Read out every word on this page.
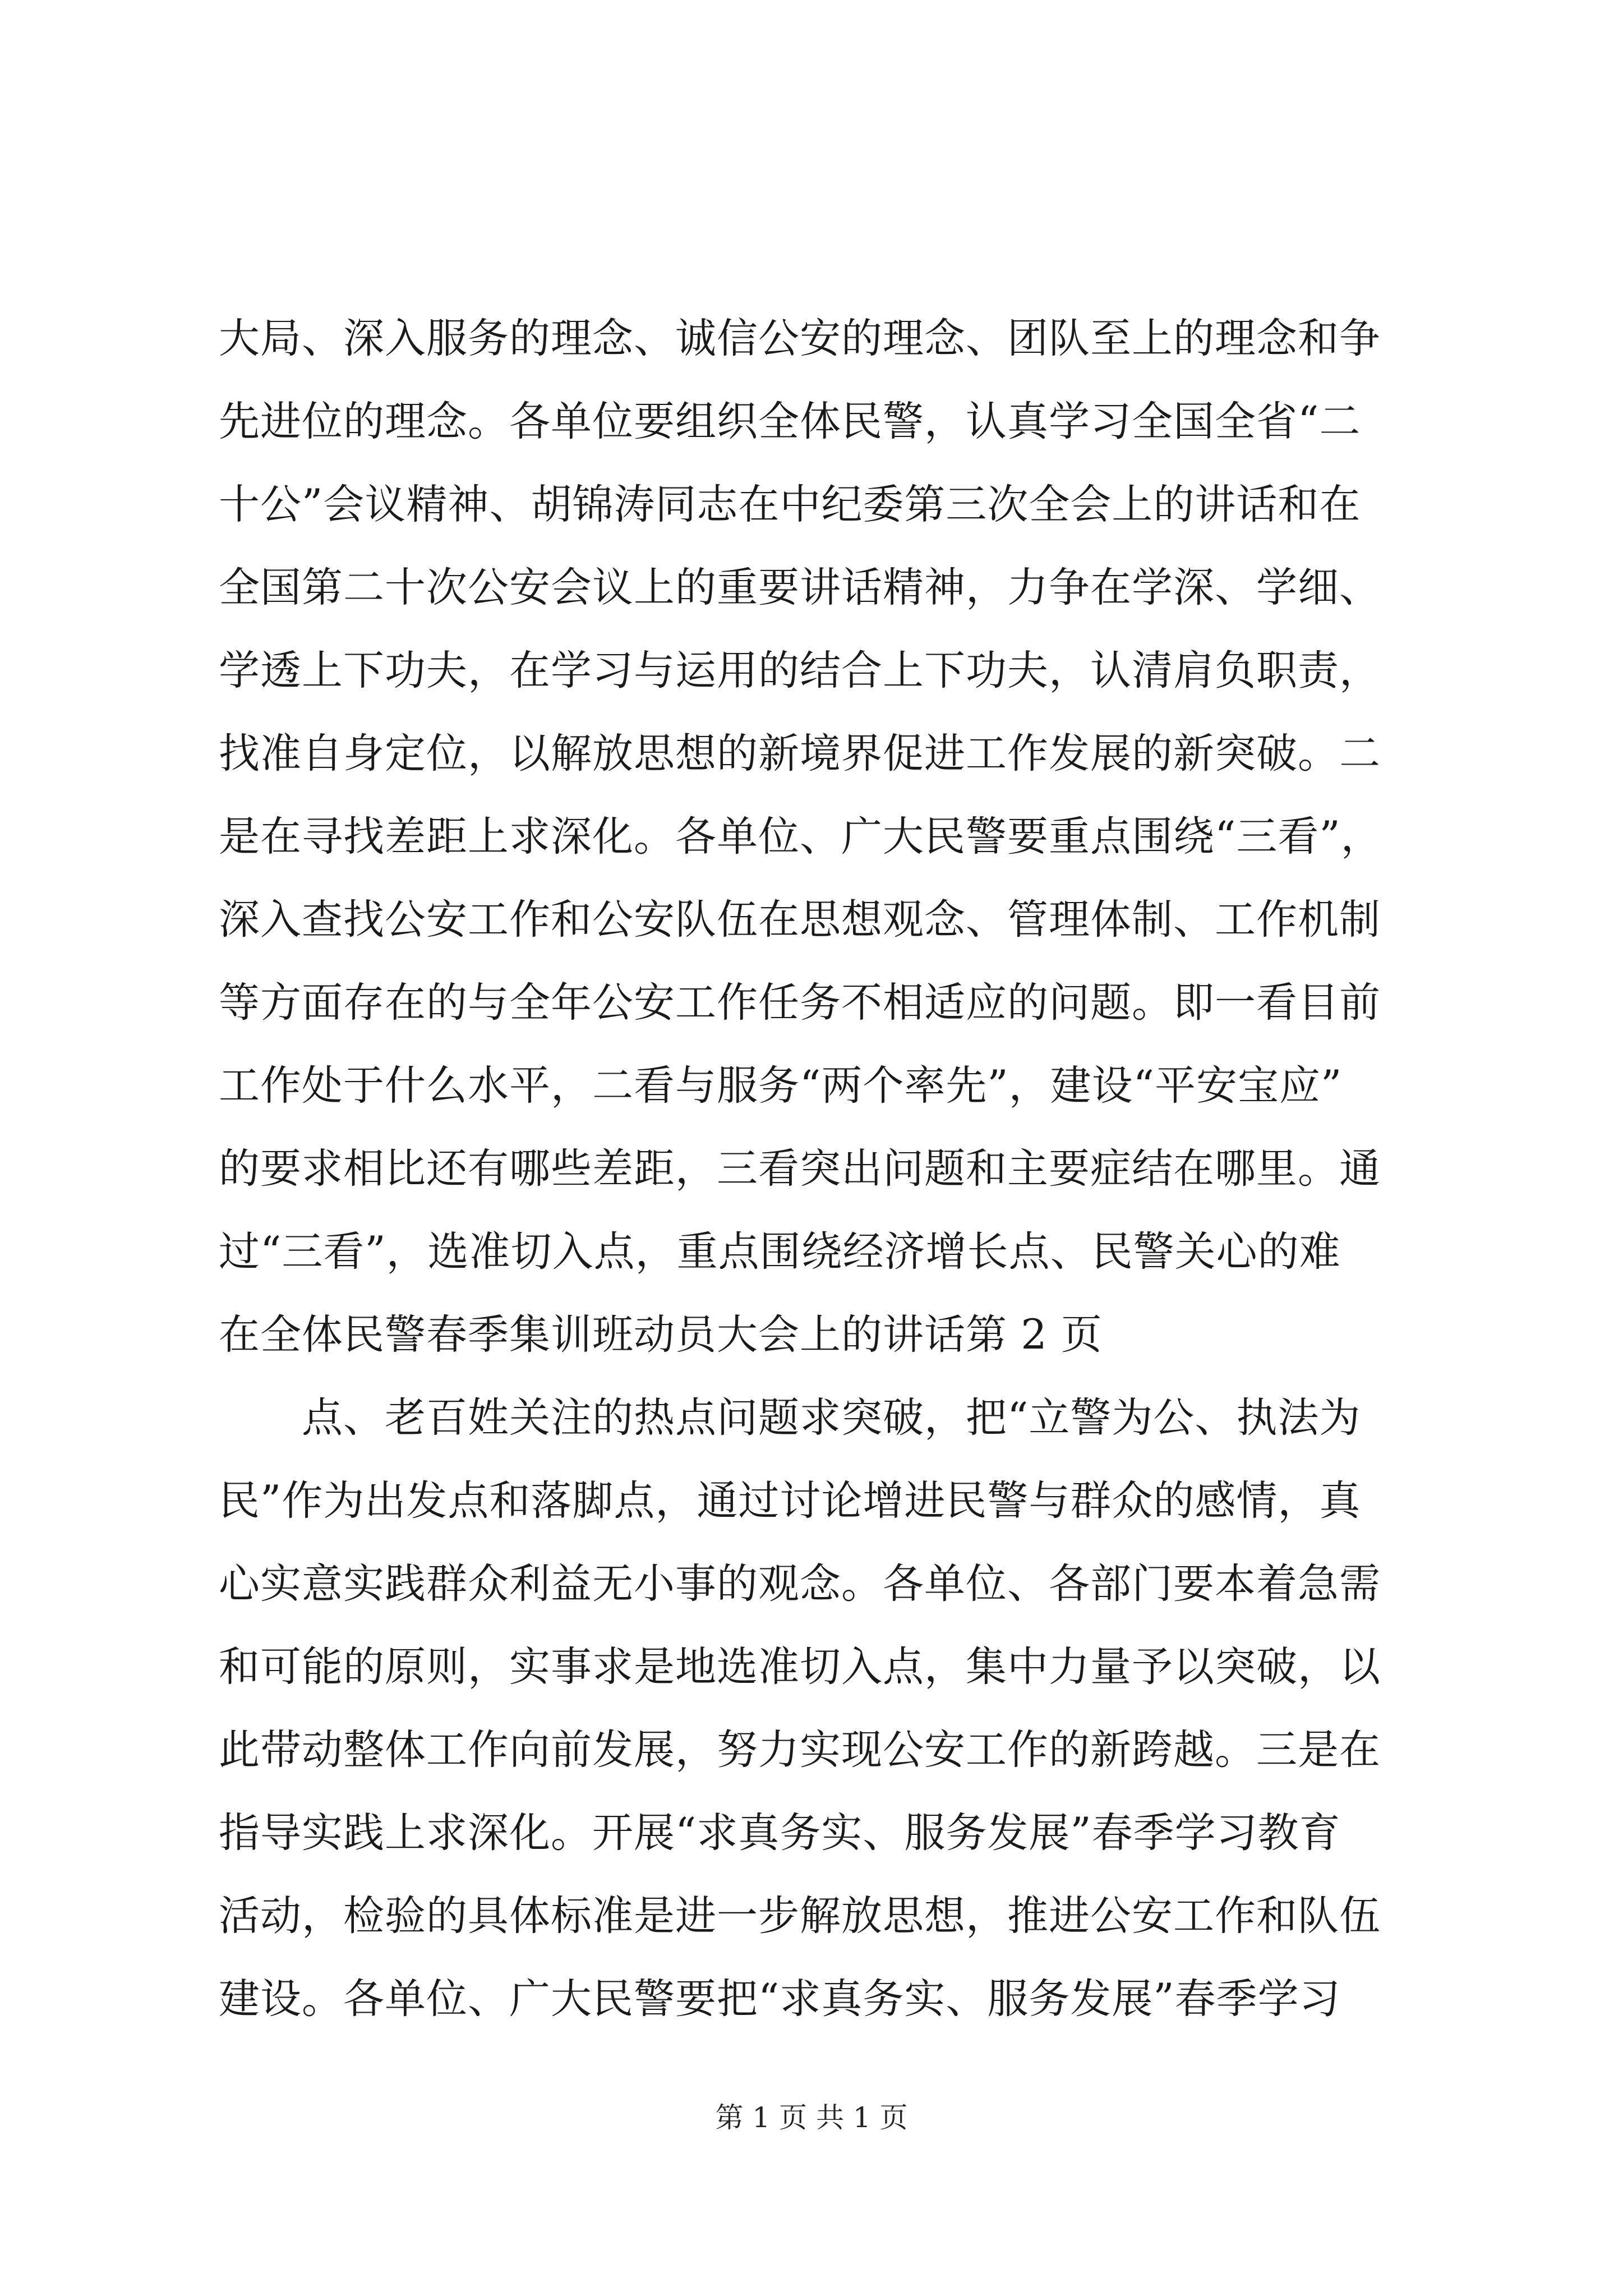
大局、深入服务的理念、诚信公安的理念、团队至上的理念和争
先进位的理念。各单位要组织全体民警，认真学习全国全省“二
十公”会议精神、胡锦涛同志在中纪委第三次全会上的讲话和在
全国第二十次公安会议上的重要讲话精神，力争在学深、学细、
学透上下功夫，在学习与运用的结合上下功夫，认清肩负职责，
找准自身定位，以解放思想的新境界促进工作发展的新突破。二
是在寻找差距上求深化。各单位、广大民警要重点围绕“三看”，
深入查找公安工作和公安队伍在思想观念、管理体制、工作机制
等方面存在的与全年公安工作任务不相适应的问题。即一看目前
工作处于什么水平，二看与服务“两个率先”，建设“平安宝应”
的要求相比还有哪些差距，三看突出问题和主要症结在哪里。通
过“三看”，选准切入点，重点围绕经济增长点、民警关心的难
在全体民警春季集训班动员大会上的讲话第 2 页
点、老百姓关注的热点问题求突破，把“立警为公、执法为
民”作为出发点和落脚点，通过讨论增进民警与群众的感情，真
心实意实践群众利益无小事的观念。各单位、各部门要本着急需
和可能的原则，实事求是地选准切入点，集中力量予以突破，以
此带动整体工作向前发展，努力实现公安工作的新跨越。三是在
指导实践上求深化。开展“求真务实、服务发展”春季学习教育
活动，检验的具体标准是进一步解放思想，推进公安工作和队伍
建设。各单位、广大民警要把“求真务实、服务发展”春季学习
第 1 页 共 1 页
